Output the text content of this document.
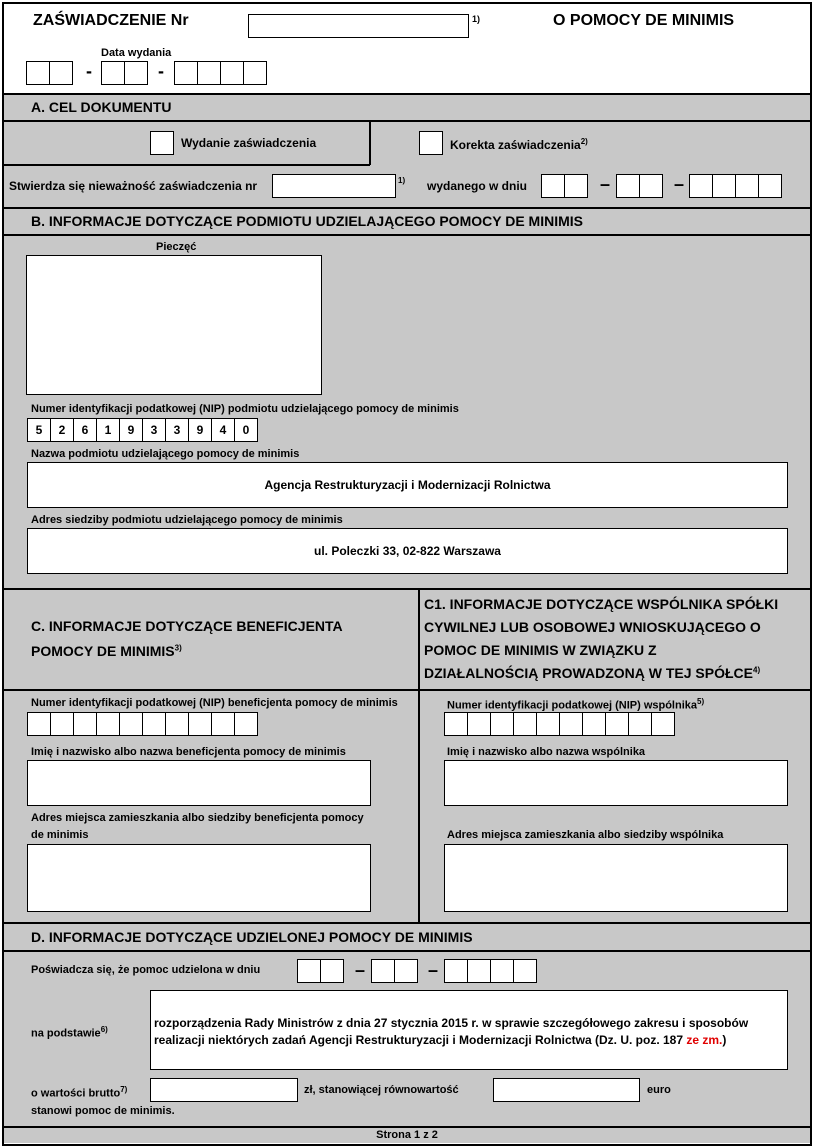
ZAŚWIADCZENIE Nr	1)	O POMOCY DE MINIMIS
Data wydania
-	-
A. CEL DOKUMENTU
Wydanie zaświadczenia	Korekta zaświadczenia$^{2)}$
Stwierdza się nieważność zaświadczenia nr	1) wydanego w dniu	–	–
B. INFORMACJE DOTYCZĄCE PODMIOTU UDZIELAJĄCEGO POMOCY DE MINIMIS
Pieczęć
Numer identyfikacji podatkowej (NIP) podmiotu udzielającego pomocy de minimis
5	2	6	1	9	3	3	9	4	0
Nazwa podmiotu udzielającego pomocy de minimis
Agencja Restrukturyzacji i Modernizacji Rolnictwa
Adres siedziby podmiotu udzielającego pomocy de minimis
ul. Poleczki 33, 02-822 Warszawa
C. INFORMACJE DOTYCZĄCE BENEFICJENTA
POMOCY DE MINIMIS$^{3)}$
Numer identyfikacji podatkowej (NIP) beneficjenta pomocy de minimis
Imię i nazwisko albo nazwa beneficjenta pomocy de minimis
Adres miejsca zamieszkania albo siedziby beneficjenta pomocy
de minimis
C1. INFORMACJE DOTYCZĄCE WSPÓLNIKA SPÓŁKI
CYWILNEJ LUB OSOBOWEJ WNIOSKUJĄCEGO O
POMOC DE MINIMIS W ZWIĄZKU Z
DZIAŁALNOŚCIĄ PROWADZONĄ W TEJ SPÓŁCE$^{4)}$
Numer identyfikacji podatkowej (NIP) wspólnika$^{5)}$
Imię i nazwisko albo nazwa wspólnika
Adres miejsca zamieszkania albo siedziby wspólnika
D. INFORMACJE DOTYCZĄCE UDZIELONEJ POMOCY DE MINIMIS
Poświadcza się, że pomoc udzielona w dniu	–	–
na podstawie$^{6)}$	rozporządzenia Rady Ministrów z dnia 27 stycznia 2015 r. w sprawie szczegółowego zakresu i sposobów
realizacji niektórych zadań Agencji Restrukturyzacji i Modernizacji Rolnictwa (Dz. U. poz. 187 ze zm.)
o wartości brutto$^{7)}$	zł, stanowiącej równowartość	euro
stanowi pomoc de minimis.
Strona 1 z 2
